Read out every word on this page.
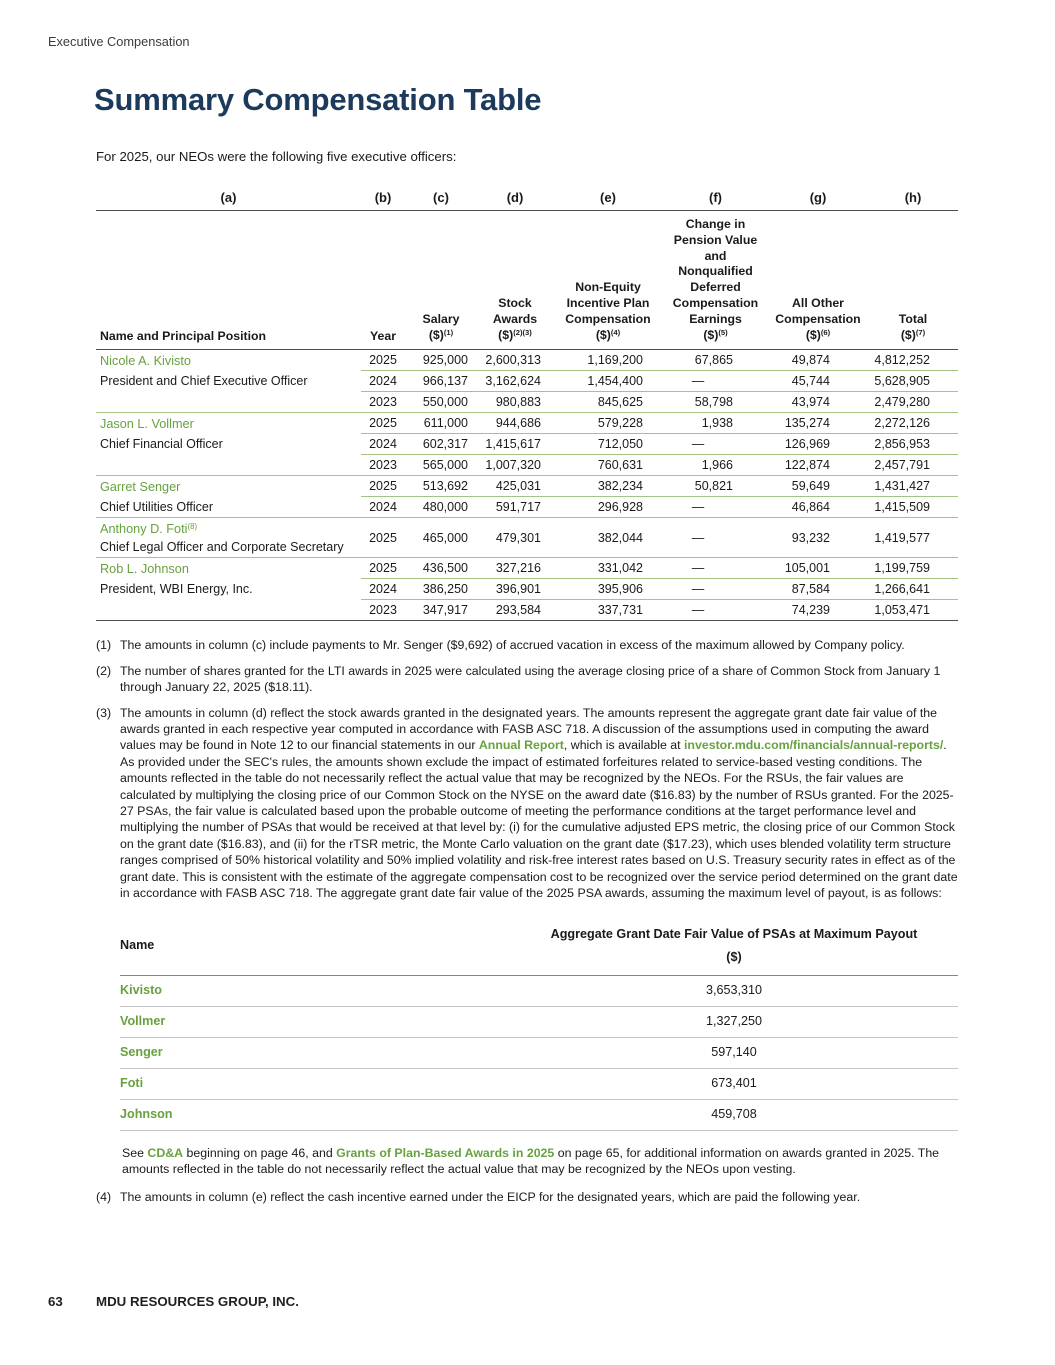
Executive Compensation
Summary Compensation Table
For 2025, our NEOs were the following five executive officers:
(a)	(b)	(c)	(d)	(e)	(f)	(g)	(h)

Name and Principal Position	Year

Salary
($)$^{(1)}$

Stock
Awards
($)$^{(2)(3)}$

Non-Equity
Incentive Plan
Compensation
($)$^{(4)}$

Change in
Pension Value
and
Nonqualified
Deferred
Compensation
Earnings
($)$^{(5)}$

All Other
Compensation
($)$^{(6)}$

Total
($)$^{(7)}$

Nicole A. Kivisto	2025	925,000	2,600,313	1,169,200	67,865	49,874	4,812,252
President and Chief Executive Officer	2024	966,137	3,162,624	1,454,400	—	45,744	5,628,905
	2023	550,000	980,883	845,625	58,798	43,974	2,479,280

Jason L. Vollmer	2025	611,000	944,686	579,228	1,938	135,274	2,272,126
Chief Financial Officer	2024	602,317	1,415,617	712,050	—	126,969	2,856,953
	2023	565,000	1,007,320	760,631	1,966	122,874	2,457,791

Garret Senger	2025	513,692	425,031	382,234	50,821	59,649	1,431,427
Chief Utilities Officer	2024	480,000	591,717	296,928	—	46,864	1,415,509

Anthony D. Foti$^{(8)}$
Chief Legal Officer and Corporate Secretary	2025	465,000	479,301	382,044	—	93,232	1,419,577

Rob L. Johnson	2025	436,500	327,216	331,042	—	105,001	1,199,759
President, WBI Energy, Inc.	2024	386,250	396,901	395,906	—	87,584	1,266,641
	2023	347,917	293,584	337,731	—	74,239	1,053,471
(1) The amounts in column (c) include payments to Mr. Senger ($9,692) of accrued vacation in excess of the maximum allowed by Company policy.
(2) The number of shares granted for the LTI awards in 2025 were calculated using the average closing price of a share of Common Stock from January 1 through January 22, 2025 ($18.11).
(3) The amounts in column (d) reflect the stock awards granted in the designated years. The amounts represent the aggregate grant date fair value of the awards granted in each respective year computed in accordance with FASB ASC 718. A discussion of the assumptions used in computing the award values may be found in Note 12 to our financial statements in our Annual Report, which is available at investor.mdu.com/financials/annual-reports/. As provided under the SEC's rules, the amounts shown exclude the impact of estimated forfeitures related to service-based vesting conditions. The amounts reflected in the table do not necessarily reflect the actual value that may be recognized by the NEOs. For the RSUs, the fair values are calculated by multiplying the closing price of our Common Stock on the NYSE on the award date ($16.83) by the number of RSUs granted. For the 2025-27 PSAs, the fair value is calculated based upon the probable outcome of meeting the performance conditions at the target performance level and multiplying the number of PSAs that would be received at that level by: (i) for the cumulative adjusted EPS metric, the closing price of our Common Stock on the grant date ($16.83), and (ii) for the rTSR metric, the Monte Carlo valuation on the grant date ($17.23), which uses blended volatility term structure ranges comprised of 50% historical volatility and 50% implied volatility and risk-free interest rates based on U.S. Treasury security rates in effect as of the grant date. This is consistent with the estimate of the aggregate compensation cost to be recognized over the service period determined on the grant date in accordance with FASB ASC 718. The aggregate grant date fair value of the 2025 PSA awards, assuming the maximum level of payout, is as follows:
Name
Aggregate Grant Date Fair Value of PSAs at Maximum Payout
($)
Kivisto	3,653,310
Vollmer	1,327,250
Senger	597,140
Foti	673,401
Johnson	459,708

See CD&A beginning on page 46, and Grants of Plan-Based Awards in 2025 on page 65, for additional information on awards granted in 2025. The amounts reflected in the table do not necessarily reflect the actual value that may be recognized by the NEOs upon vesting.

(4) The amounts in column (e) reflect the cash incentive earned under the EICP for the designated years, which are paid the following year.
63 MDU RESOURCES GROUP, INC.
